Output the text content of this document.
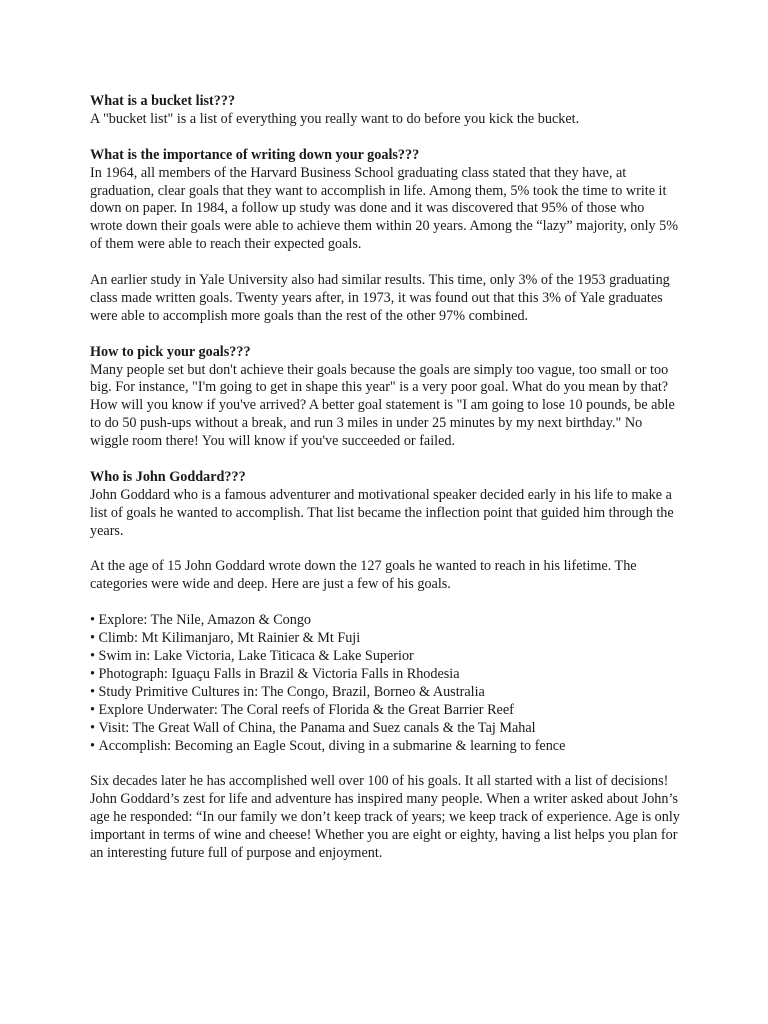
What is a bucket list???

A "bucket list" is a list of everything you really want to do before you kick the bucket.

What is the importance of writing down your goals???

In 1964, all members of the Harvard Business School graduating class stated that they have, at graduation, clear goals that they want to accomplish in life. Among them, 5% took the time to write it down on paper. In 1984, a follow up study was done and it was discovered that 95% of those who wrote down their goals were able to achieve them within 20 years. Among the “lazy” majority, only 5% of them were able to reach their expected goals.

An earlier study in Yale University also had similar results. This time, only 3% of the 1953 graduating class made written goals. Twenty years after, in 1973, it was found out that this 3% of Yale graduates were able to accomplish more goals than the rest of the other 97% combined.

How to pick your goals???

Many people set but don't achieve their goals because the goals are simply too vague, too small or too big. For instance, "I'm going to get in shape this year" is a very poor goal. What do you mean by that? How will you know if you've arrived? A better goal statement is "I am going to lose 10 pounds, be able to do 50 push-ups without a break, and run 3 miles in under 25 minutes by my next birthday." No wiggle room there! You will know if you've succeeded or failed.

Who is John Goddard???

John Goddard who is a famous adventurer and motivational speaker decided early in his life to make a list of goals he wanted to accomplish. That list became the inflection point that guided him through the years.

At the age of 15 John Goddard wrote down the 127 goals he wanted to reach in his lifetime. The categories were wide and deep. Here are just a few of his goals.

• Explore: The Nile, Amazon & Congo
• Climb: Mt Kilimanjaro, Mt Rainier & Mt Fuji
• Swim in: Lake Victoria, Lake Titicaca & Lake Superior
• Photograph: Iguaçu Falls in Brazil & Victoria Falls in Rhodesia
• Study Primitive Cultures in: The Congo, Brazil, Borneo & Australia
• Explore Underwater: The Coral reefs of Florida & the Great Barrier Reef
• Visit: The Great Wall of China, the Panama and Suez canals & the Taj Mahal
• Accomplish: Becoming an Eagle Scout, diving in a submarine & learning to fence

Six decades later he has accomplished well over 100 of his goals. It all started with a list of decisions! John Goddard’s zest for life and adventure has inspired many people. When a writer asked about John’s age he responded: “In our family we don’t keep track of years; we keep track of experience. Age is only important in terms of wine and cheese! Whether you are eight or eighty, having a list helps you plan for an interesting future full of purpose and enjoyment.
